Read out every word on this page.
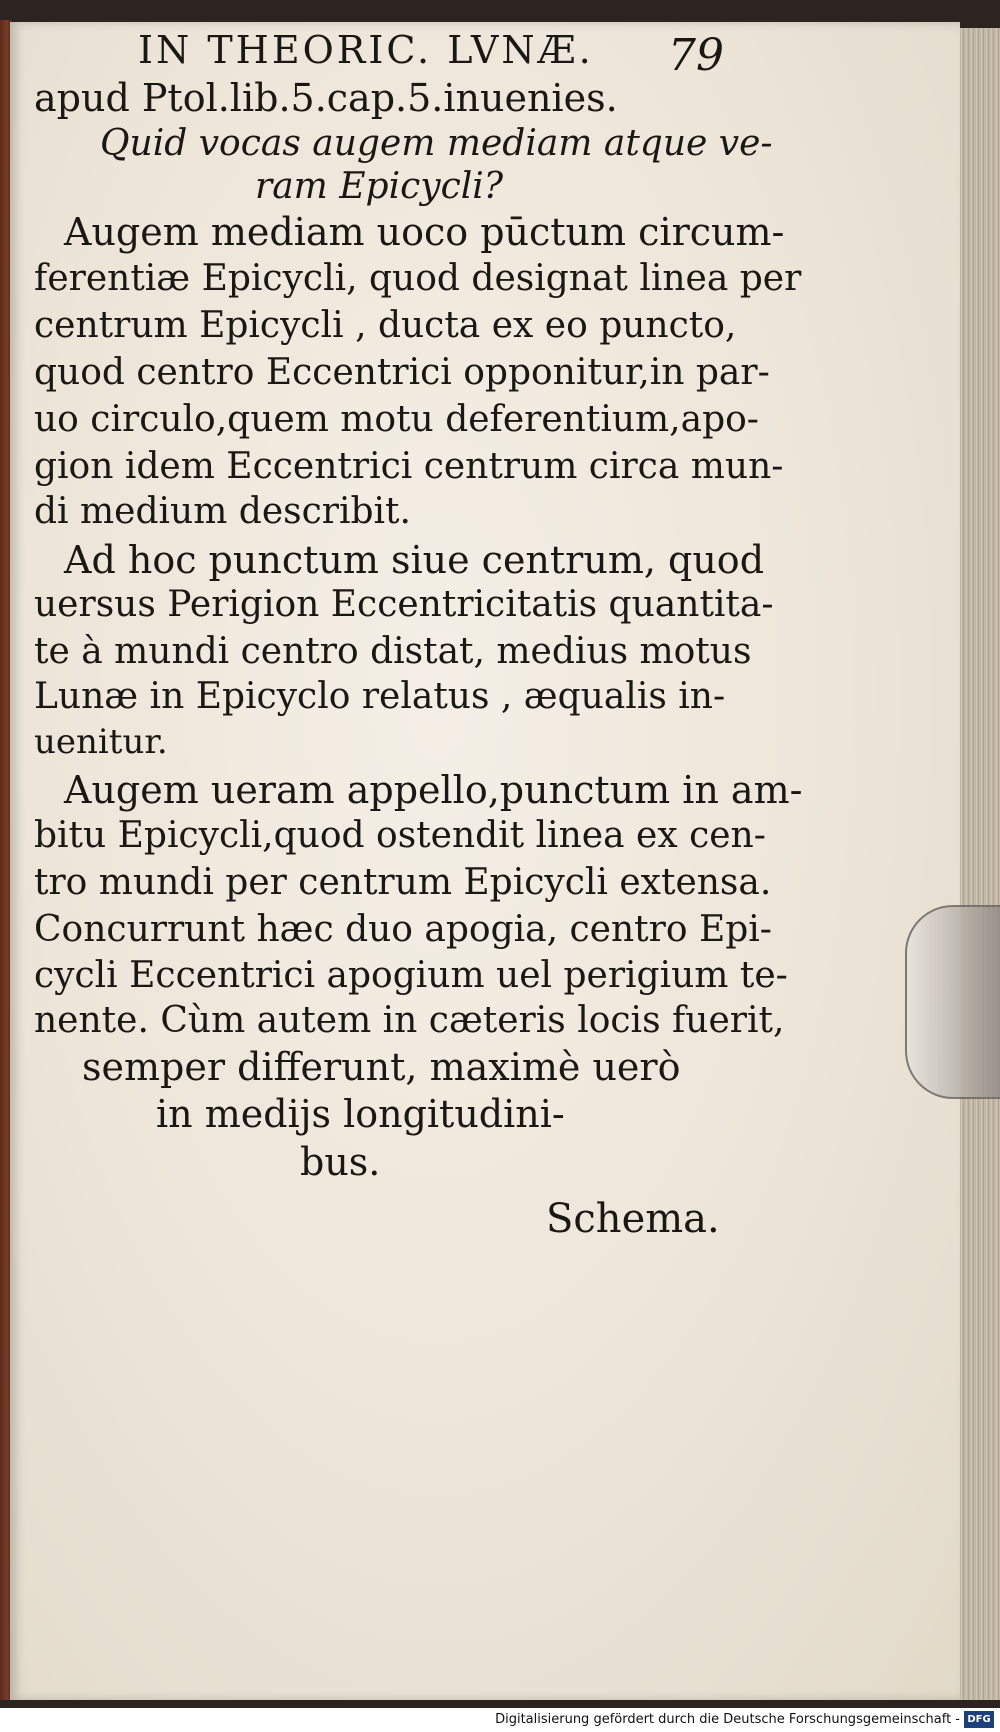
IN THEORIC. LVNÆ. 79
apud Ptol.lib.5.cap.5.inuenies.
Quid vocas augem mediam atque ve-
ram Epicycli?
Augem mediam uoco pūctum circum-
ferentiæ Epicycli, quod designat linea per
centrum Epicycli , ducta ex eo puncto,
quod centro Eccentrici opponitur,in par-
uo circulo,quem motu deferentium,apo-
gion idem Eccentrici centrum circa mun-
di medium describit.
Ad hoc punctum siue centrum, quod
uersus Perigion Eccentricitatis quantita-
te à mundi centro distat, medius motus
Lunæ in Epicyclo relatus , æqualis in-
uenitur.
Augem ueram appello,punctum in am-
bitu Epicycli,quod ostendit linea ex cen-
tro mundi per centrum Epicycli extensa.
Concurrunt hæc duo apogia, centro Epi-
cycli Eccentrici apogium uel perigium te-
nente. Cùm autem in cæteris locis fuerit,
semper differunt, maximè uerò
in medijs longitudini-
bus.
Schema.
Digitalisierung gefördert durch die Deutsche Forschungsgemeinschaft - DFG
